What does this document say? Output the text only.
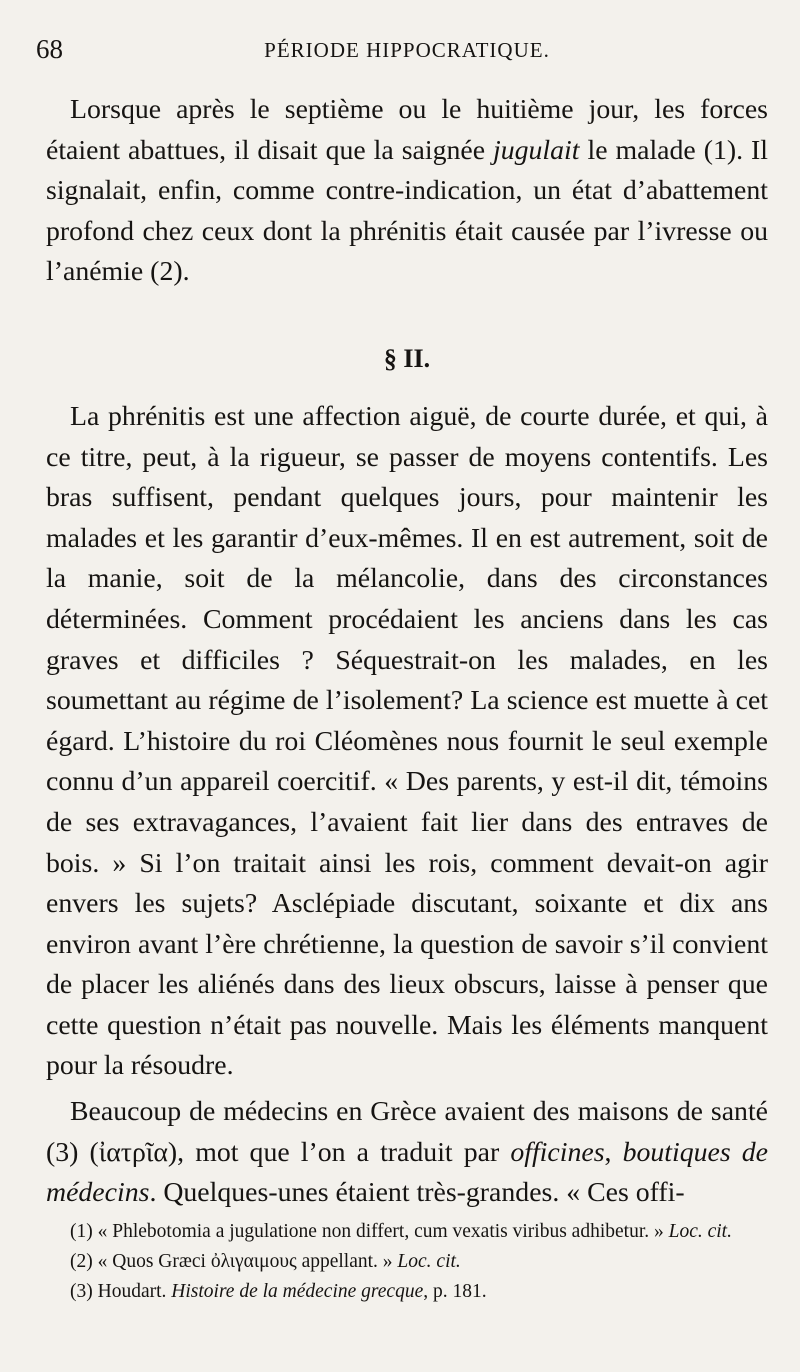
68	PÉRIODE HIPPOCRATIQUE.

Lorsque après le septième ou le huitième jour, les forces étaient abattues, il disait que la saignée jugulait le malade (1). Il signalait, enfin, comme contre-indication, un état d’abattement profond chez ceux dont la phrénitis était causée par l’ivresse ou l’anémie (2).

§ II.

La phrénitis est une affection aiguë, de courte durée, et qui, à ce titre, peut, à la rigueur, se passer de moyens contentifs. Les bras suffisent, pendant quelques jours, pour maintenir les malades et les garantir d’eux-mêmes. Il en est autrement, soit de la manie, soit de la mélancolie, dans des circonstances déterminées. Comment procédaient les anciens dans les cas graves et difficiles ? Séquestrait-on les malades, en les soumettant au régime de l’isolement? La science est muette à cet égard. L’histoire du roi Cléomènes nous fournit le seul exemple connu d’un appareil coercitif. « Des parents, y est-il dit, témoins de ses extravagances, l’avaient fait lier dans des entraves de bois. » Si l’on traitait ainsi les rois, comment devait-on agir envers les sujets? Asclépiade discutant, soixante et dix ans environ avant l’ère chrétienne, la question de savoir s’il convient de placer les aliénés dans des lieux obscurs, laisse à penser que cette question n’était pas nouvelle. Mais les éléments manquent pour la résoudre.

Beaucoup de médecins en Grèce avaient des maisons de santé (3) (ἰατρῖα), mot que l’on a traduit par officines, boutiques de médecins. Quelques-unes étaient très-grandes. « Ces offi-

(1) « Phlebotomia a jugulatione non differt, cum vexatis viribus adhibetur. » Loc. cit.

(2) « Quos Græci ὀλιγαιμους appellant. » Loc. cit.

(3) Houdart. Histoire de la médecine grecque, p. 181.
